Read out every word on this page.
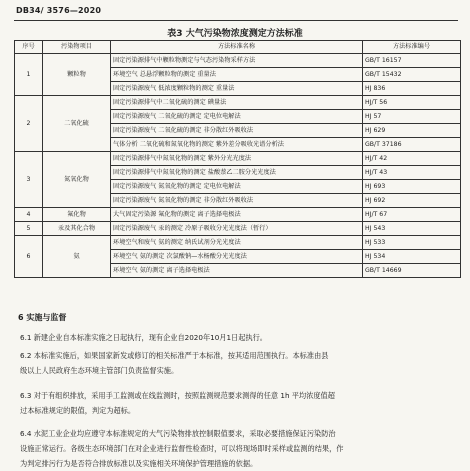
DB34/ 3576—2020
表3 大气污染物浓度测定方法标准
序号	污染物项目	方法标准名称	方法标准编号
1	颗粒物	固定污染源排气中颗粒物测定与气态污染物采样方法	GB/T 16157
		环境空气 总悬浮颗粒物的测定 重量法	GB/T 15432
		固定污染源废气 低浓度颗粒物的测定 重量法	HJ 836
2	二氧化硫	固定污染源排气中二氧化硫的测定 碘量法	HJ/T 56
		固定污染源废气 二氧化硫的测定 定电位电解法	HJ 57
		固定污染源废气 二氧化硫的测定 非分散红外吸收法	HJ 629
		气体分析 二氧化硫和氮氧化物的测定 紫外差分吸收光谱分析法	GB/T 37186
3	氮氧化物	固定污染源排气中氮氧化物的测定 紫外分光光度法	HJ/T 42
		固定污染源排气中氮氧化物的测定 盐酸萘乙二胺分光光度法	HJ/T 43
		固定污染源废气 氮氧化物的测定 定电位电解法	HJ 693
		固定污染源废气 氮氧化物的测定 非分散红外吸收法	HJ 692
4	氟化物	大气固定污染源 氟化物的测定 离子选择电极法	HJ/T 67
5	汞及其化合物	固定污染源废气 汞的测定 冷原子吸收分光光度法（暂行）	HJ 543
6	氨	环境空气和废气 氨的测定 纳氏试剂分光光度法	HJ 533
		环境空气 氨的测定 次氯酸钠—水杨酸分光光度法	HJ 534
		环境空气 氨的测定 离子选择电极法	GB/T 14669
6 实施与监督
6.1 新建企业自本标准实施之日起执行，现有企业自2020年10月1日起执行。
6.2 本标准实施后，如果国家新发或修订的相关标准严于本标准，按其适用范围执行。本标准由县
级以上人民政府生态环境主管部门负责监督实施。
6.3 对于有组织排放，采用手工监测或在线监测时，按照监测规范要求测得的任意 1h 平均浓度值超
过本标准规定的限值，判定为超标。
6.4 水泥工业企业均应遵守本标准规定的大气污染物排放控制限值要求，采取必要措施保证污染防治
设施正常运行。各级生态环境部门在对企业进行监督性检查时，可以将现场即时采样或监测的结果，作
为判定排污行为是否符合排放标准以及实施相关环境保护管理措施的依据。
